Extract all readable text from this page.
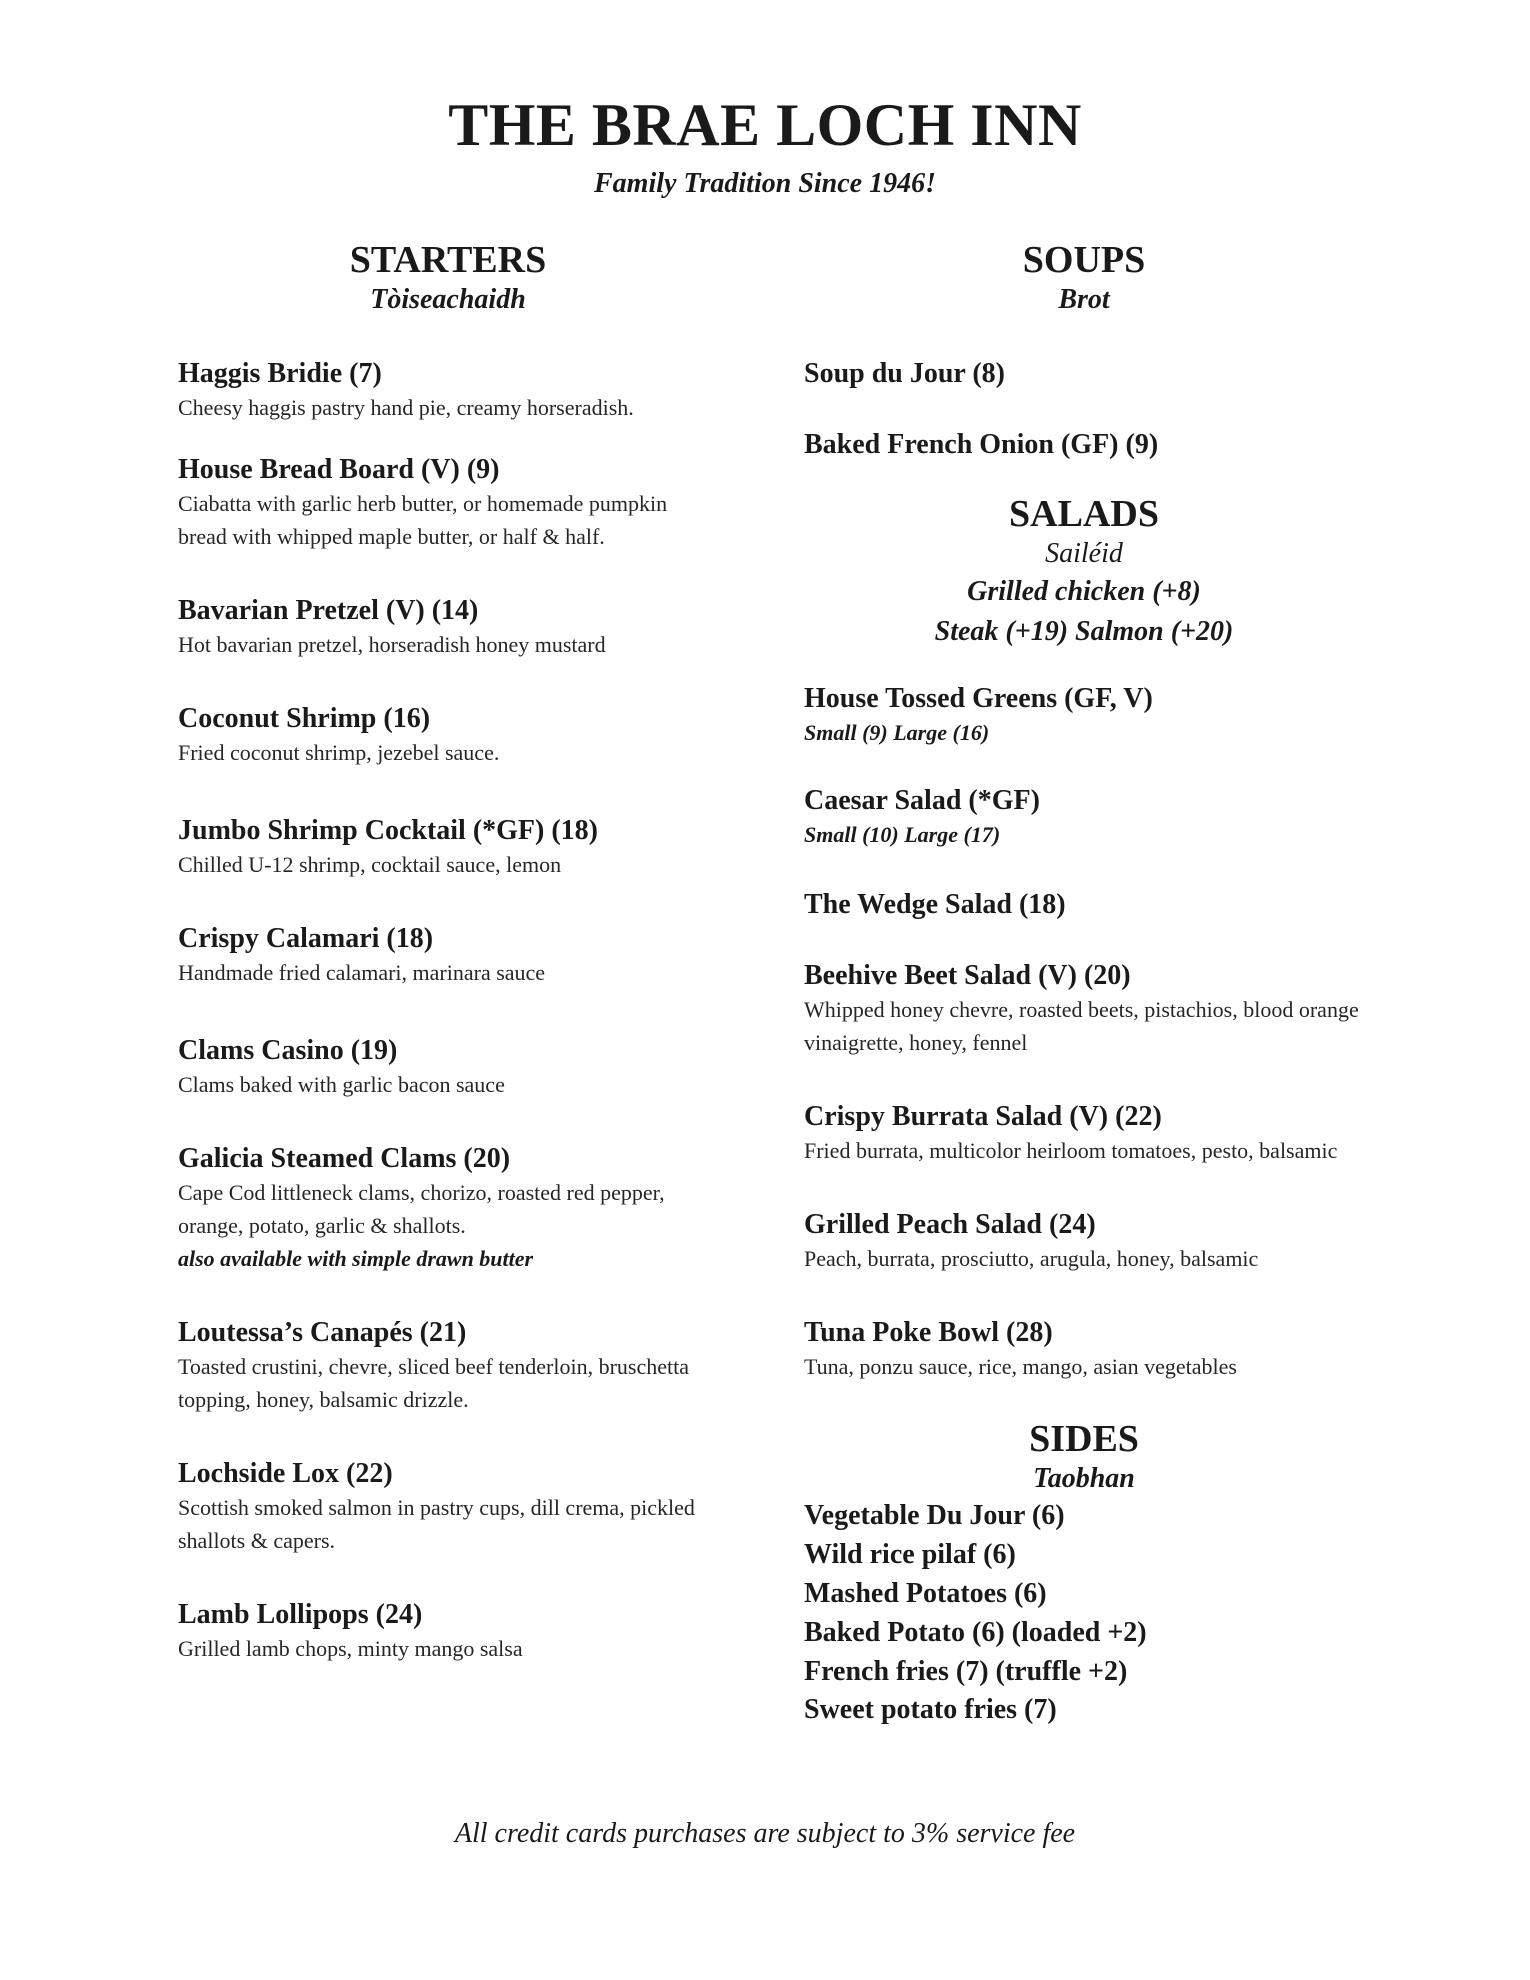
THE BRAE LOCH INN

Family Tradition Since 1946!

STARTERS

Tòiseachaidh

Haggis Bridie (7)

Cheesy haggis pastry hand pie, creamy horseradish.

House Bread Board (V) (9)

Ciabatta with garlic herb butter, or homemade pumpkin bread with whipped maple butter, or half & half.

Bavarian Pretzel (V) (14)

Hot bavarian pretzel, horseradish honey mustard

Coconut Shrimp (16)

Fried coconut shrimp, jezebel sauce.

Jumbo Shrimp Cocktail (*GF) (18)

Chilled U-12 shrimp, cocktail sauce, lemon

Crispy Calamari (18)

Handmade fried calamari, marinara sauce

Clams Casino (19)

Clams baked with garlic bacon sauce

Galicia Steamed Clams (20)

Cape Cod littleneck clams, chorizo, roasted red pepper, orange, potato, garlic & shallots.

also available with simple drawn butter

Loutessa’s Canapés (21)

Toasted crustini, chevre, sliced beef tenderloin, bruschetta topping, honey, balsamic drizzle.

Lochside Lox (22)

Scottish smoked salmon in pastry cups, dill crema, pickled shallots & capers.

Lamb Lollipops (24)

Grilled lamb chops, minty mango salsa

SOUPS

Brot

Soup du Jour (8)

Baked French Onion (GF) (9)

SALADS

Sailéid

Grilled chicken (+8)

Steak (+19) Salmon (+20)

House Tossed Greens (GF, V)

Small (9) Large (16)

Caesar Salad (*GF)

Small (10) Large (17)

The Wedge Salad (18)

Beehive Beet Salad (V) (20)

Whipped honey chevre, roasted beets, pistachios, blood orange vinaigrette, honey, fennel

Crispy Burrata Salad (V) (22)

Fried burrata, multicolor heirloom tomatoes, pesto, balsamic

Grilled Peach Salad (24)

Peach, burrata, prosciutto, arugula, honey, balsamic

Tuna Poke Bowl (28)

Tuna, ponzu sauce, rice, mango, asian vegetables

SIDES

Taobhan

Vegetable Du Jour (6)

Wild rice pilaf (6)

Mashed Potatoes (6)

Baked Potato (6) (loaded +2)

French fries (7) (truffle +2)

Sweet potato fries (7)

All credit cards purchases are subject to 3% service fee
